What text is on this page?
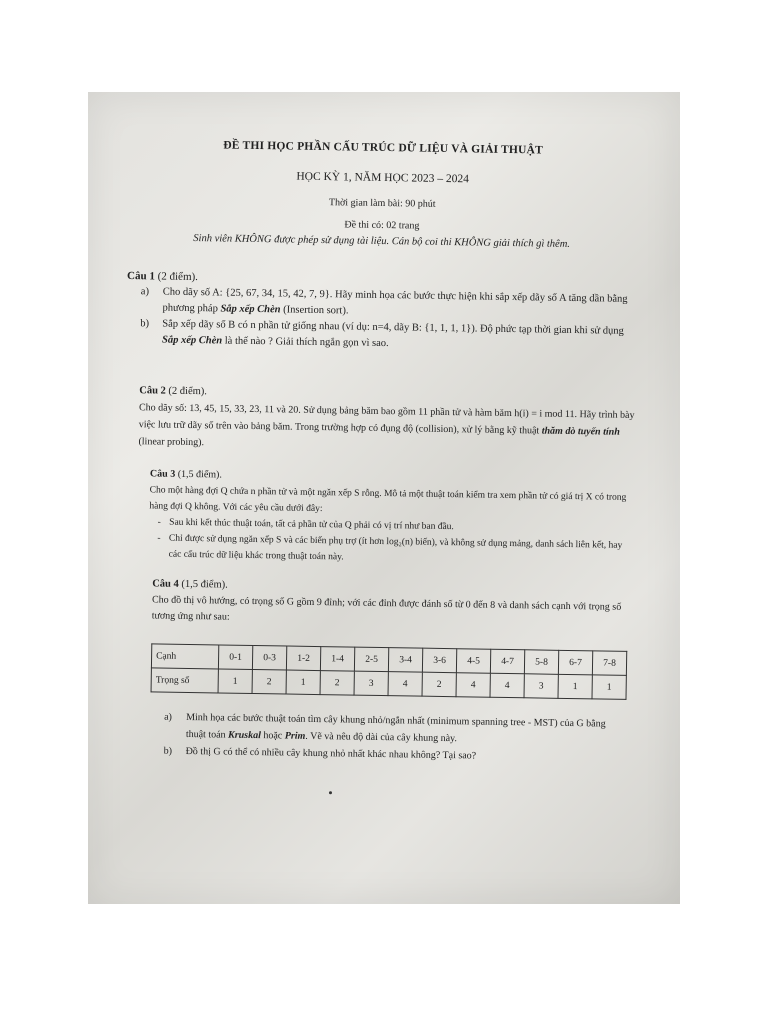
ĐỀ THI HỌC PHẦN CẤU TRÚC DỮ LIỆU VÀ GIẢI THUẬT
HỌC KỲ 1, NĂM HỌC 2023 – 2024
Thời gian làm bài: 90 phút
Đề thi có: 02 trang
Sinh viên KHÔNG được phép sử dụng tài liệu. Cán bộ coi thi KHÔNG giải thích gì thêm.

Câu 1 (2 điểm).

a)	Cho dãy số A: {25, 67, 34, 15, 42, 7, 9}. Hãy minh họa các bước thực hiện khi sắp xếp dãy số A tăng dần bằng phương pháp Sắp xếp Chèn (Insertion sort).
b)	Sắp xếp dãy số B có n phần tử giống nhau (ví dụ: n=4, dãy B: {1, 1, 1, 1}). Độ phức tạp thời gian khi sử dụng Sắp xếp Chèn là thế nào ? Giải thích ngắn gọn vì sao.

Câu 2 (2 điểm).

Cho dãy số: 13, 45, 15, 33, 23, 11 và 20. Sử dụng bảng băm bao gồm 11 phần tử và hàm băm h(i) = i mod 11. Hãy trình bày việc lưu trữ dãy số trên vào bảng băm. Trong trường hợp có đụng độ (collision), xử lý bằng kỹ thuật thăm dò tuyến tính (linear probing).

Câu 3 (1,5 điểm).

Cho một hàng đợi Q chứa n phần tử và một ngăn xếp S rỗng. Mô tả một thuật toán kiểm tra xem phần tử có giá trị X có trong hàng đợi Q không. Với các yêu cầu dưới đây:

- Sau khi kết thúc thuật toán, tất cả phần tử của Q phải có vị trí như ban đầu.
- Chỉ được sử dụng ngăn xếp S và các biến phụ trợ (ít hơn log₂(n) biến), và không sử dụng mảng, danh sách liên kết, hay các cấu trúc dữ liệu khác trong thuật toán này.

Câu 4 (1,5 điểm).

Cho đồ thị vô hướng, có trọng số G gồm 9 đỉnh; với các đỉnh được đánh số từ 0 đến 8 và danh sách cạnh với trọng số tương ứng như sau:

Cạnh	0-1	0-3	1-2	1-4	2-5	3-4	3-6	4-5	4-7	5-8	6-7	7-8
Trọng số	1	2	1	2	3	4	2	4	4	3	1	1
a)	Minh họa các bước thuật toán tìm cây khung nhỏ/ngắn nhất (minimum spanning tree - MST) của G bằng thuật toán Kruskal hoặc Prim. Vẽ và nêu độ dài của cây khung này.
b)	Đồ thị G có thể có nhiều cây khung nhỏ nhất khác nhau không? Tại sao?
